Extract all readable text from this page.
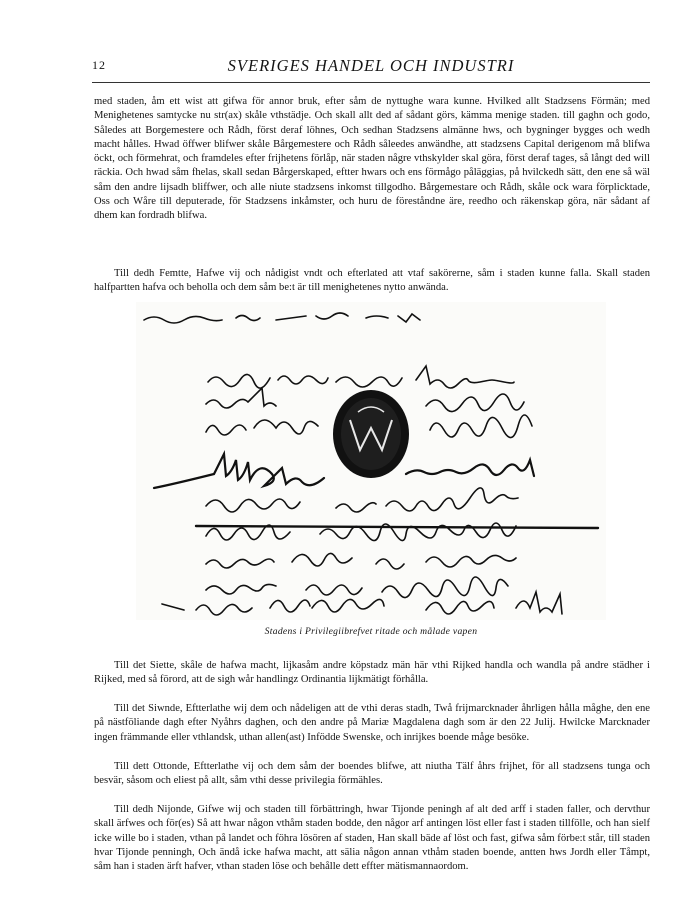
12	SVERIGES HANDEL OCH INDUSTRI

med staden, åm ett wist att gifwa för annor bruk, efter såm de nyttughe wara kunne. Hvilked allt Stadzsens Förmän; med Menighetenes samtycke nu str(ax) skåle vthstädje. Och skall allt ded af sådant görs, kämma menige staden. till gaghn och godo, Således att Borgemestere och Rådh, först deraf löhnes, Och sedhan Stadzsens almänne hws, och bygninger bygges och wedh macht hålles. Hwad öffwer blifwer skåle Bårgemestere och Rådh såleedes anwändhe, att stadzsens Capital derigenom må blifwa öckt, och förmehrat, och framdeles efter frijhetens förlåp, när staden någre vthskylder skal göra, först deraf tages, så långt ded will räckia. Och hwad såm fhelas, skall sedan Bårgerskaped, eftter hwars och ens förmågo påläggias, på hvilckedh sätt, den ene så wäl såm den andre lijsadh bliffwer, och alle niute stadzsens inkomst tillgodho. Bårgemestare och Rådh, skåle ock wara förplicktade, Oss och Wåre till deputerade, för Stadzsens inkåmster, och huru de föreståndne äre, reedho och räkenskap göra, när sådant af dhem kan fordradh blifwa.

Till dedh Femtte, Hafwe vij och nådigist vndt och efterlated att vtaf sakörerne, såm i staden kunne falla. Skall staden halfpartten hafva och beholla och dem såm be:t är till menighetenes nytto anwända.

Stadens i Privilegiibrefvet ritade och målade vapen

Till det Siette, skåle de hafwa macht, lijkasåm andre köpstadz män här vthi Rijked handla och wandla på andre städher i Rijked, med så förord, att de sigh wår handlingz Ordinantia lijkmätigt förhålla.

Till det Siwnde, Eftterlathe wij dem och nådeligen att de vthi deras stadh, Twå frijmarcknader åhrligen hålla måghe, den ene på nästföliande dagh efter Nyåhrs daghen, och den andre på Mariæ Magdalena dagh som är den 22 Julij. Hwilcke Marcknader ingen främmande eller vthlandsk, uthan allen(ast) Infödde Swenske, och inrijkes boende måge besöke.

Till dett Ottonde, Eftterlathe vij och dem såm der boendes blifwe, att niutha Tälf åhrs frijhet, för all stadzsens tunga och besvär, såsom och eliest på allt, såm vthi desse privilegia förmähles.

Till dedh Nijonde, Gifwe wij och staden till förbättringh, hwar Tijonde peningh af alt ded arff i staden faller, och dervthur skall ärfwes och för(es) Så att hwar någon vthåm staden bodde, den någor arf antingen löst eller fast i staden tillfölle, och han sielf icke wille bo i staden, vthan på landet och föhra lösören af staden, Han skall bäde af löst och fast, gifwa såm förbe:t står, till staden hvar Tijonde penningh, Och ändå icke hafwa macht, att sälia någon annan vthåm staden boende, antten hws Jordh eller Tåmpt, såm han i staden ärft hafver, vthan staden löse och behålle dett effter mätismannaordom.
